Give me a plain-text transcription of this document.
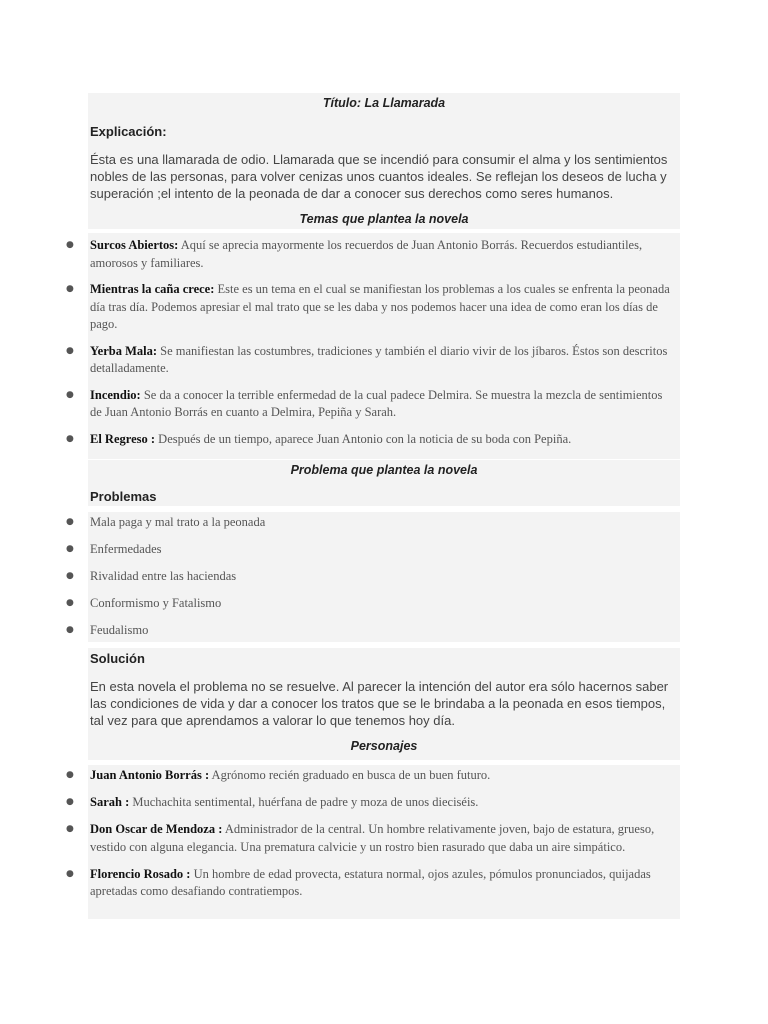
Título: La Llamarada

Explicación:

Ésta es una llamarada de odio. Llamarada que se incendió para consumir el alma y los sentimientos nobles de las personas, para volver cenizas unos cuantos ideales. Se reflejan los deseos de lucha y superación ;el intento de la peonada de dar a conocer sus derechos como seres humanos.

Temas que plantea la novela

● Surcos Abiertos: Aquí se aprecia mayormente los recuerdos de Juan Antonio Borrás. Recuerdos estudiantiles, amorosos y familiares.
● Mientras la caña crece: Este es un tema en el cual se manifiestan los problemas a los cuales se enfrenta la peonada día tras día. Podemos apresiar el mal trato que se les daba y nos podemos hacer una idea de como eran los días de pago.
● Yerba Mala: Se manifiestan las costumbres, tradiciones y también el diario vivir de los jíbaros. Éstos son descritos detalladamente.
● Incendio: Se da a conocer la terrible enfermedad de la cual padece Delmira. Se muestra la mezcla de sentimientos de Juan Antonio Borrás en cuanto a Delmira, Pepiña y Sarah.
● El Regreso : Después de un tiempo, aparece Juan Antonio con la noticia de su boda con Pepiña.

Problema que plantea la novela

Problemas

● Mala paga y mal trato a la peonada
● Enfermedades
● Rivalidad entre las haciendas
● Conformismo y Fatalismo
● Feudalismo

Solución

En esta novela el problema no se resuelve. Al parecer la intención del autor era sólo hacernos saber las condiciones de vida y dar a conocer los tratos que se le brindaba a la peonada en esos tiempos, tal vez para que aprendamos a valorar lo que tenemos hoy día.

Personajes

● Juan Antonio Borrás : Agrónomo recién graduado en busca de un buen futuro.
● Sarah : Muchachita sentimental, huérfana de padre y moza de unos dieciséis.
● Don Oscar de Mendoza : Administrador de la central. Un hombre relativamente joven, bajo de estatura, grueso, vestido con alguna elegancia. Una prematura calvicie y un rostro bien rasurado que daba un aire simpático.
● Florencio Rosado : Un hombre de edad provecta, estatura normal, ojos azules, pómulos pronunciados, quijadas apretadas como desafiando contratiempos.
